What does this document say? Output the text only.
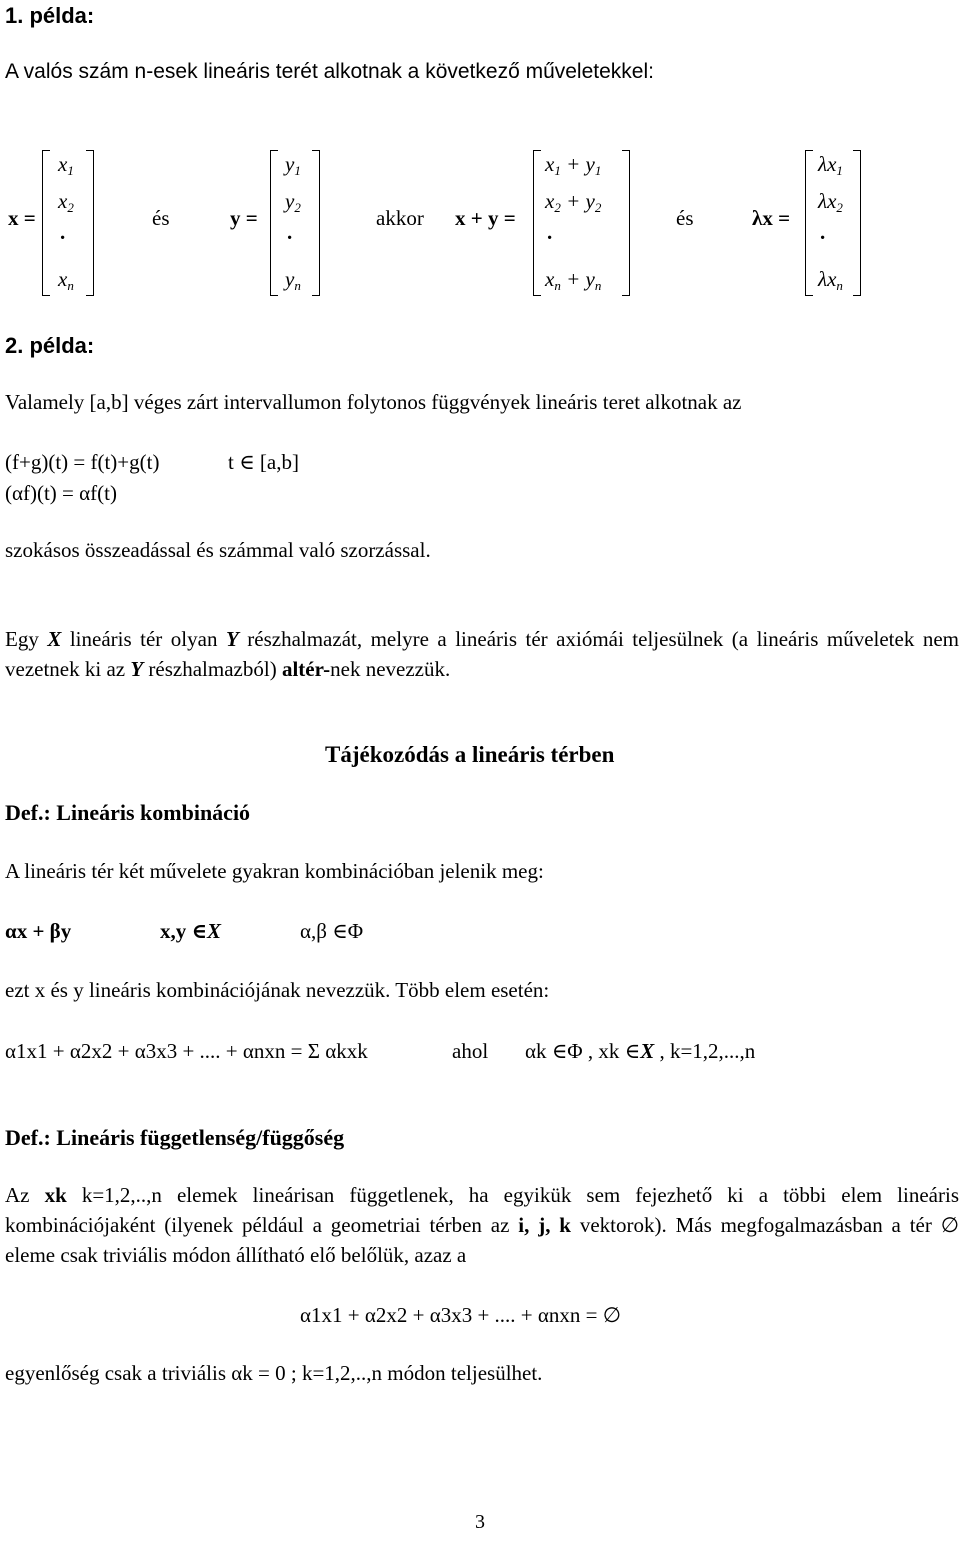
1. példa:
A valós szám n-esek lineáris terét alkotnak a következő műveletekkel:
x =
x1
x2
.
xn
és	y =
y1
y2
.
yn
akkor x + y =
x1 + y1
x2 + y2
.
xn + yn
és	λx =
λx1
λx2
.
λxn
2. példa:
Valamely [a,b] véges zárt intervallumon folytonos függvények lineáris teret alkotnak az
(f+g)(t) = f(t)+g(t)	t ∈ [a,b]
(αf)(t) = αf(t)
szokásos összeadással és számmal való szorzással.
Egy X lineáris tér olyan Y részhalmazát, melyre a lineáris tér axiómái teljesülnek (a lineáris műveletek nem vezetnek ki az Y részhalmazból) altér-nek nevezzük.
Tájékozódás a lineáris térben
Def.: Lineáris kombináció
A lineáris tér két művelete gyakran kombinációban jelenik meg:
αx + βy	x,y ∈X	α,β ∈Φ
ezt x és y lineáris kombinációjának nevezzük. Több elem esetén:
α1x1 + α2x2 + α3x3 + .... + αnxn = Σ αkxk	ahol αk ∈Φ , xk ∈X , k=1,2,...,n
Def.: Lineáris függetlenség/függőség
Az xk k=1,2,..,n elemek lineárisan függetlenek, ha egyikük sem fejezhető ki a többi elem lineáris kombinációjaként (ilyenek például a geometriai térben az i, j, k vektorok). Más megfogalmazásban a tér ∅ eleme csak triviális módon állítható elő belőlük, azaz a
α1x1 + α2x2 + α3x3 + .... + αnxn = ∅
egyenlőség csak a triviális αk = 0 ; k=1,2,..,n módon teljesülhet.
3
